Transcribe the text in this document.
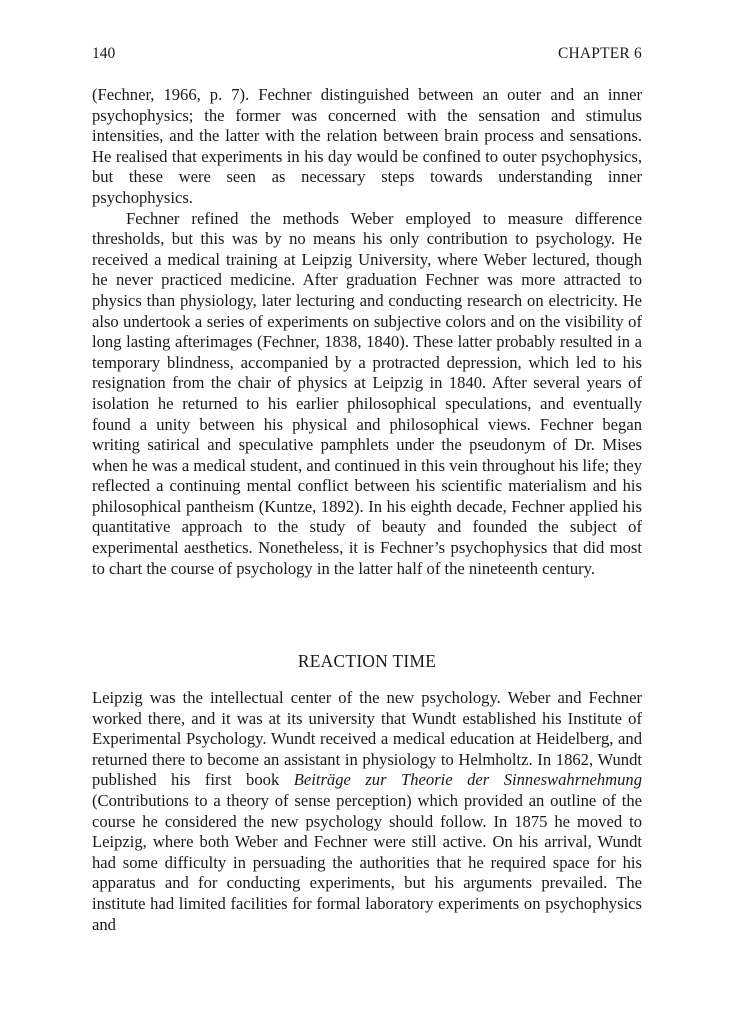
140	CHAPTER 6

(Fechner, 1966, p. 7). Fechner distinguished between an outer and an inner psychophysics; the former was concerned with the sensation and stimulus intensities, and the latter with the relation between brain process and sensations. He realised that experiments in his day would be confined to outer psychophysics, but these were seen as necessary steps towards understanding inner psychophysics.

Fechner refined the methods Weber employed to measure difference thresholds, but this was by no means his only contribution to psychology. He received a medical training at Leipzig University, where Weber lectured, though he never practiced medicine. After graduation Fechner was more attracted to physics than physiology, later lecturing and conducting research on electricity. He also undertook a series of experiments on subjective colors and on the visibility of long lasting afterimages (Fechner, 1838, 1840). These latter probably resulted in a temporary blindness, accompanied by a protracted depression, which led to his resignation from the chair of physics at Leipzig in 1840. After several years of isolation he returned to his earlier philosophical speculations, and eventually found a unity between his physical and philosophical views. Fechner began writing satirical and speculative pamphlets under the pseudonym of Dr. Mises when he was a medical student, and continued in this vein throughout his life; they reflected a continuing mental conflict between his scientific materialism and his philosophical pantheism (Kuntze, 1892). In his eighth decade, Fechner applied his quantitative approach to the study of beauty and founded the subject of experimental aesthetics. Nonetheless, it is Fechner’s psychophysics that did most to chart the course of psychology in the latter half of the nineteenth century.

REACTION TIME

Leipzig was the intellectual center of the new psychology. Weber and Fechner worked there, and it was at its university that Wundt established his Institute of Experimental Psychology. Wundt received a medical education at Heidelberg, and returned there to become an assistant in physiology to Helmholtz. In 1862, Wundt published his first book Beiträge zur Theorie der Sinneswahrnehmung (Contributions to a theory of sense perception) which provided an outline of the course he considered the new psychology should follow. In 1875 he moved to Leipzig, where both Weber and Fechner were still active. On his arrival, Wundt had some difficulty in persuading the authorities that he required space for his apparatus and for conducting experiments, but his arguments prevailed. The institute had limited facilities for formal laboratory experiments on psychophysics and
